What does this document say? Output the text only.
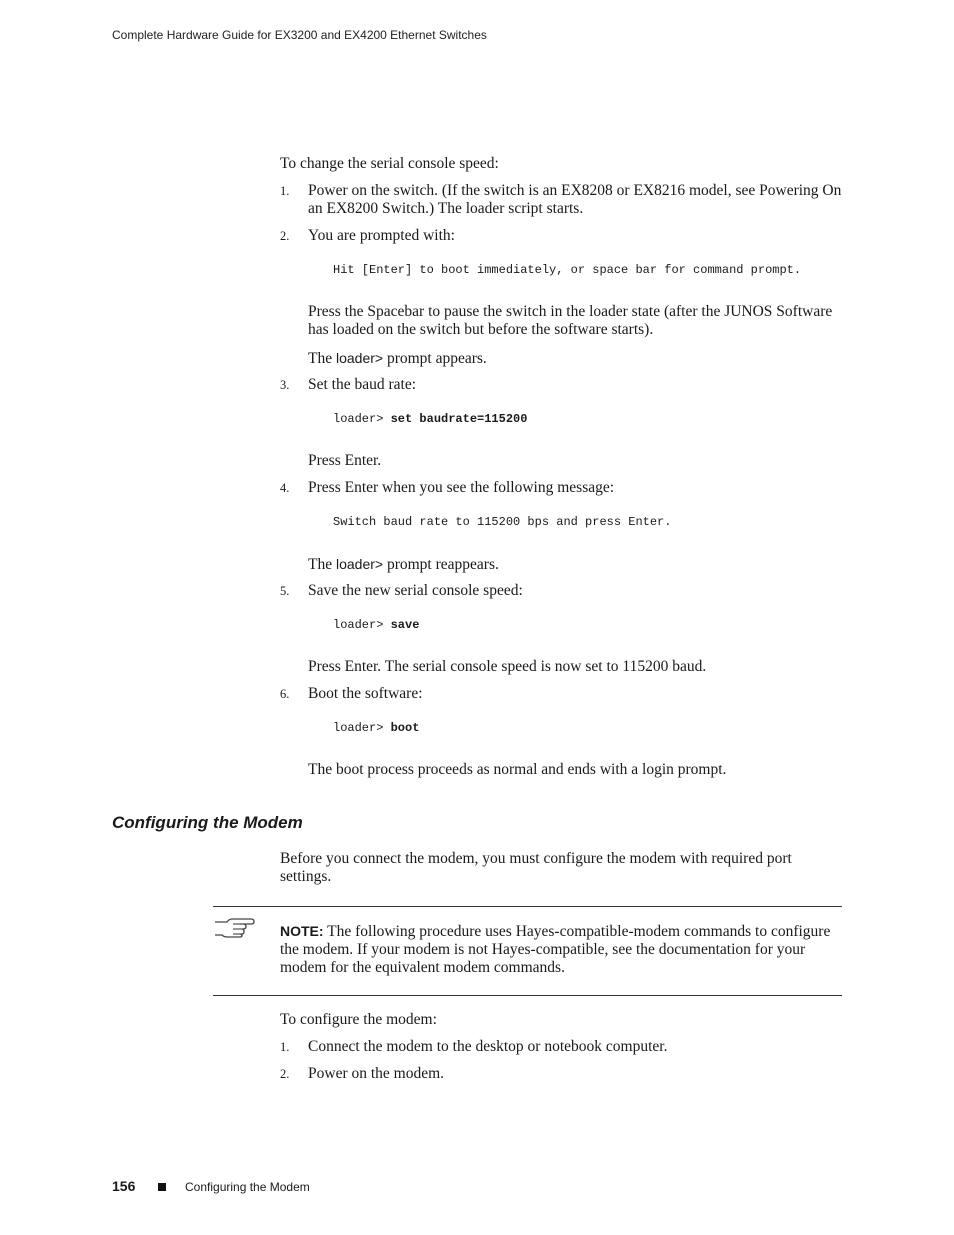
Complete Hardware Guide for EX3200 and EX4200 Ethernet Switches
To change the serial console speed:
1. Power on the switch. (If the switch is an EX8208 or EX8216 model, see Powering On an EX8200 Switch.) The loader script starts.
2. You are prompted with:
Hit [Enter] to boot immediately, or space bar for command prompt.
Press the Spacebar to pause the switch in the loader state (after the JUNOS Software has loaded on the switch but before the software starts).
The loader> prompt appears.
3. Set the baud rate:
loader> set baudrate=115200
Press Enter.
4. Press Enter when you see the following message:
Switch baud rate to 115200 bps and press Enter.
The loader> prompt reappears.
5. Save the new serial console speed:
loader> save
Press Enter. The serial console speed is now set to 115200 baud.
6. Boot the software:
loader> boot
The boot process proceeds as normal and ends with a login prompt.
Configuring the Modem
Before you connect the modem, you must configure the modem with required port settings.
NOTE: The following procedure uses Hayes-compatible-modem commands to configure the modem. If your modem is not Hayes-compatible, see the documentation for your modem for the equivalent modem commands.
To configure the modem:
1. Connect the modem to the desktop or notebook computer.
2. Power on the modem.
156	Configuring the Modem
